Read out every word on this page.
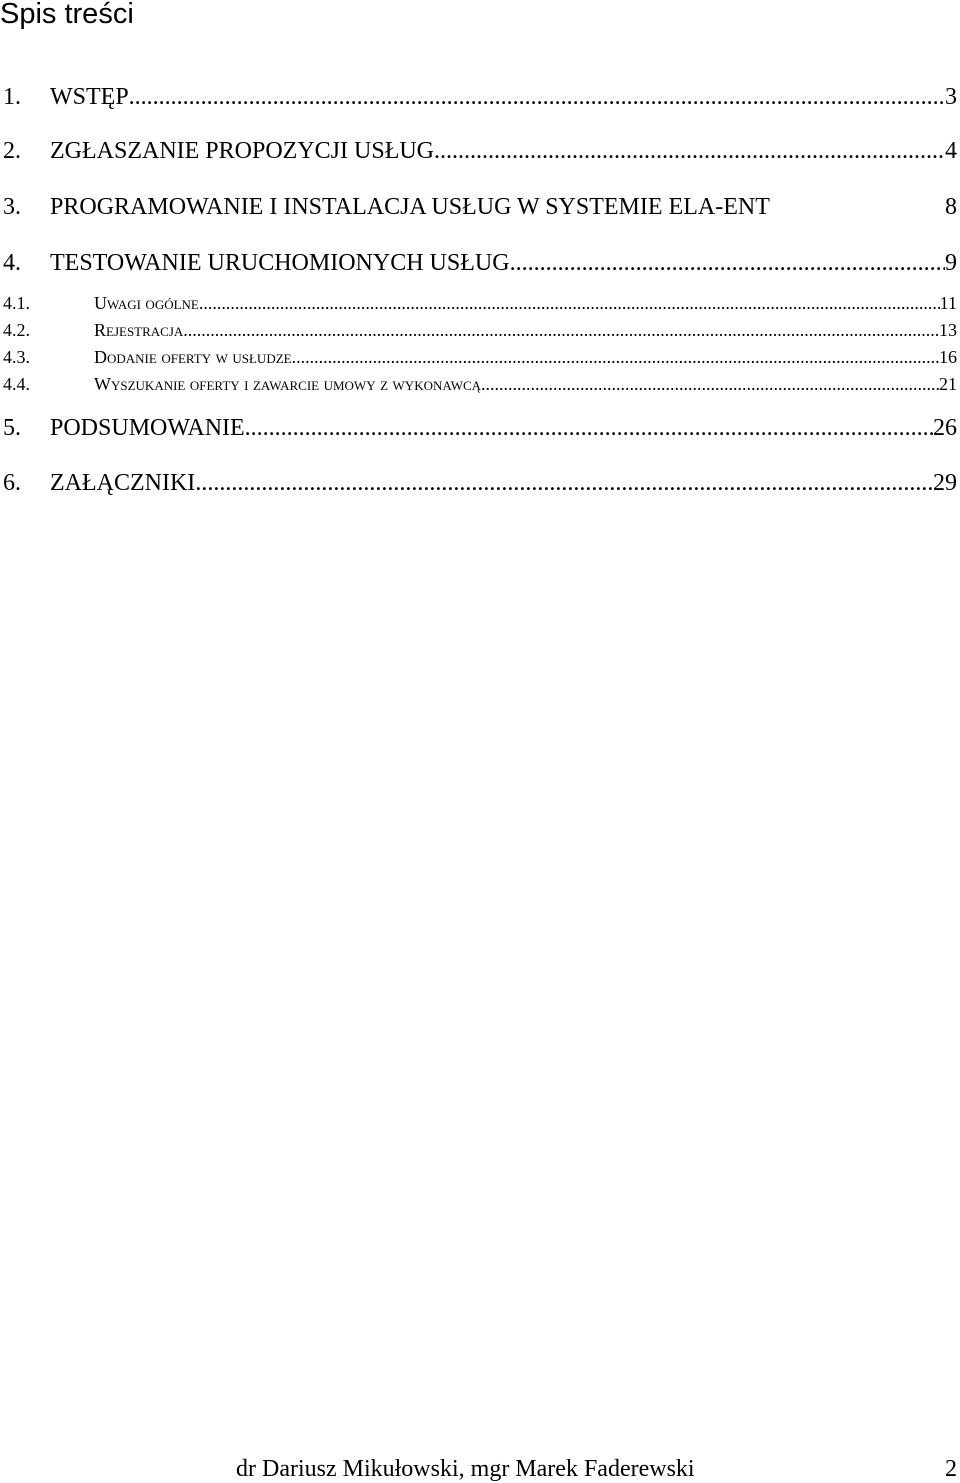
Spis treści
1.	WSTĘP .....	3
2.	ZGŁASZANIE PROPOZYCJI USŁUG .....	4
3.	PROGRAMOWANIE I INSTALACJA USŁUG W SYSTEMIE ELA-ENT	8
4.	TESTOWANIE URUCHOMIONYCH USŁUG .....	9
4.1.	Uwagi ogólne .....	11
4.2.	Rejestracja .....	13
4.3.	Dodanie oferty w usłudze .....	16
4.4.	Wyszukanie oferty i zawarcie umowy z wykonawcą .....	21
5.	PODSUMOWANIE .....	26
6.	ZAŁĄCZNIKI .....	29
dr Dariusz Mikułowski, mgr Marek Faderewski	2
